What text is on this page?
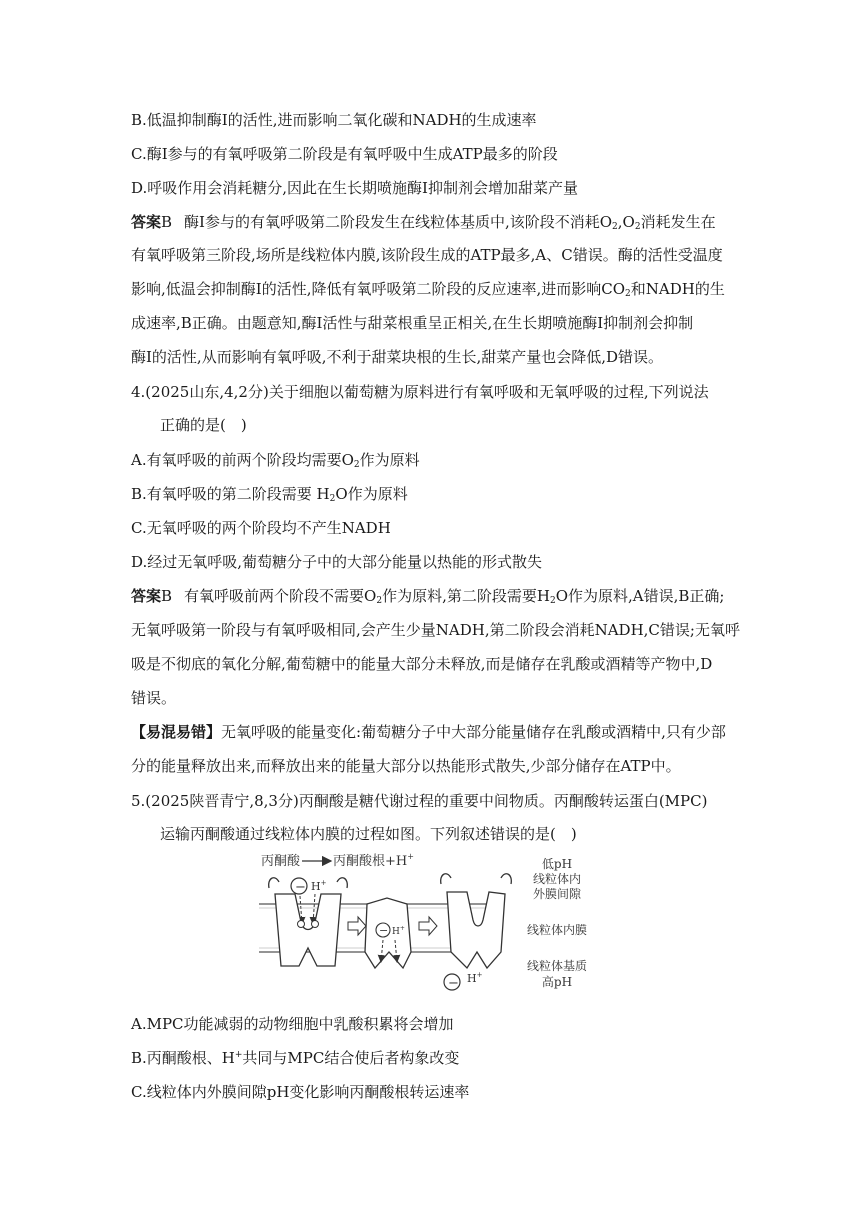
B.低温抑制酶Ⅰ的活性,进而影响二氧化碳和NADH的生成速率
C.酶Ⅰ参与的有氧呼吸第二阶段是有氧呼吸中生成ATP最多的阶段
D.呼吸作用会消耗糖分,因此在生长期喷施酶Ⅰ抑制剂会增加甜菜产量
答案B 酶Ⅰ参与的有氧呼吸第二阶段发生在线粒体基质中,该阶段不消耗$O_2,O_2$消耗发生在
有氧呼吸第三阶段,场所是线粒体内膜,该阶段生成的ATP最多,A、C错误。酶的活性受温度
影响,低温会抑制酶Ⅰ的活性,降低有氧呼吸第二阶段的反应速率,进而影响$CO_2$和NADH的生
成速率,B正确。由题意知,酶Ⅰ活性与甜菜根重呈正相关,在生长期喷施酶Ⅰ抑制剂会抑制
酶Ⅰ的活性,从而影响有氧呼吸,不利于甜菜块根的生长,甜菜产量也会降低,D错误。
4.(2025山东,4,2分)关于细胞以葡萄糖为原料进行有氧呼吸和无氧呼吸的过程,下列说法
正确的是(　)
A.有氧呼吸的前两个阶段均需要$O_2$作为原料
B.有氧呼吸的第二阶段需要 $H_2O$作为原料
C.无氧呼吸的两个阶段均不产生NADH
D.经过无氧呼吸,葡萄糖分子中的大部分能量以热能的形式散失
答案B 有氧呼吸前两个阶段不需要$O_2$作为原料,第二阶段需要$H_2O$作为原料,A错误,B正确;
无氧呼吸第一阶段与有氧呼吸相同,会产生少量NADH,第二阶段会消耗NADH,C错误;无氧呼
吸是不彻底的氧化分解,葡萄糖中的能量大部分未释放,而是储存在乳酸或酒精等产物中,D
错误。
【易混易错】无氧呼吸的能量变化:葡萄糖分子中大部分能量储存在乳酸或酒精中,只有少部
分的能量释放出来,而释放出来的能量大部分以热能形式散失,少部分储存在ATP中。
5.(2025陕晋青宁,8,3分)丙酮酸是糖代谢过程的重要中间物质。丙酮酸转运蛋白(MPC)
运输丙酮酸通过线粒体内膜的过程如图。下列叙述错误的是(　)
丙酮酸	丙酮酸根+H+
− H+
− H+
− H+
低pH
线粒体内
外膜间隙
线粒体内膜
线粒体基质
高pH
A.MPC功能减弱的动物细胞中乳酸积累将会增加
B.丙酮酸根、H+共同与MPC结合使后者构象改变
C.线粒体内外膜间隙pH变化影响丙酮酸根转运速率
